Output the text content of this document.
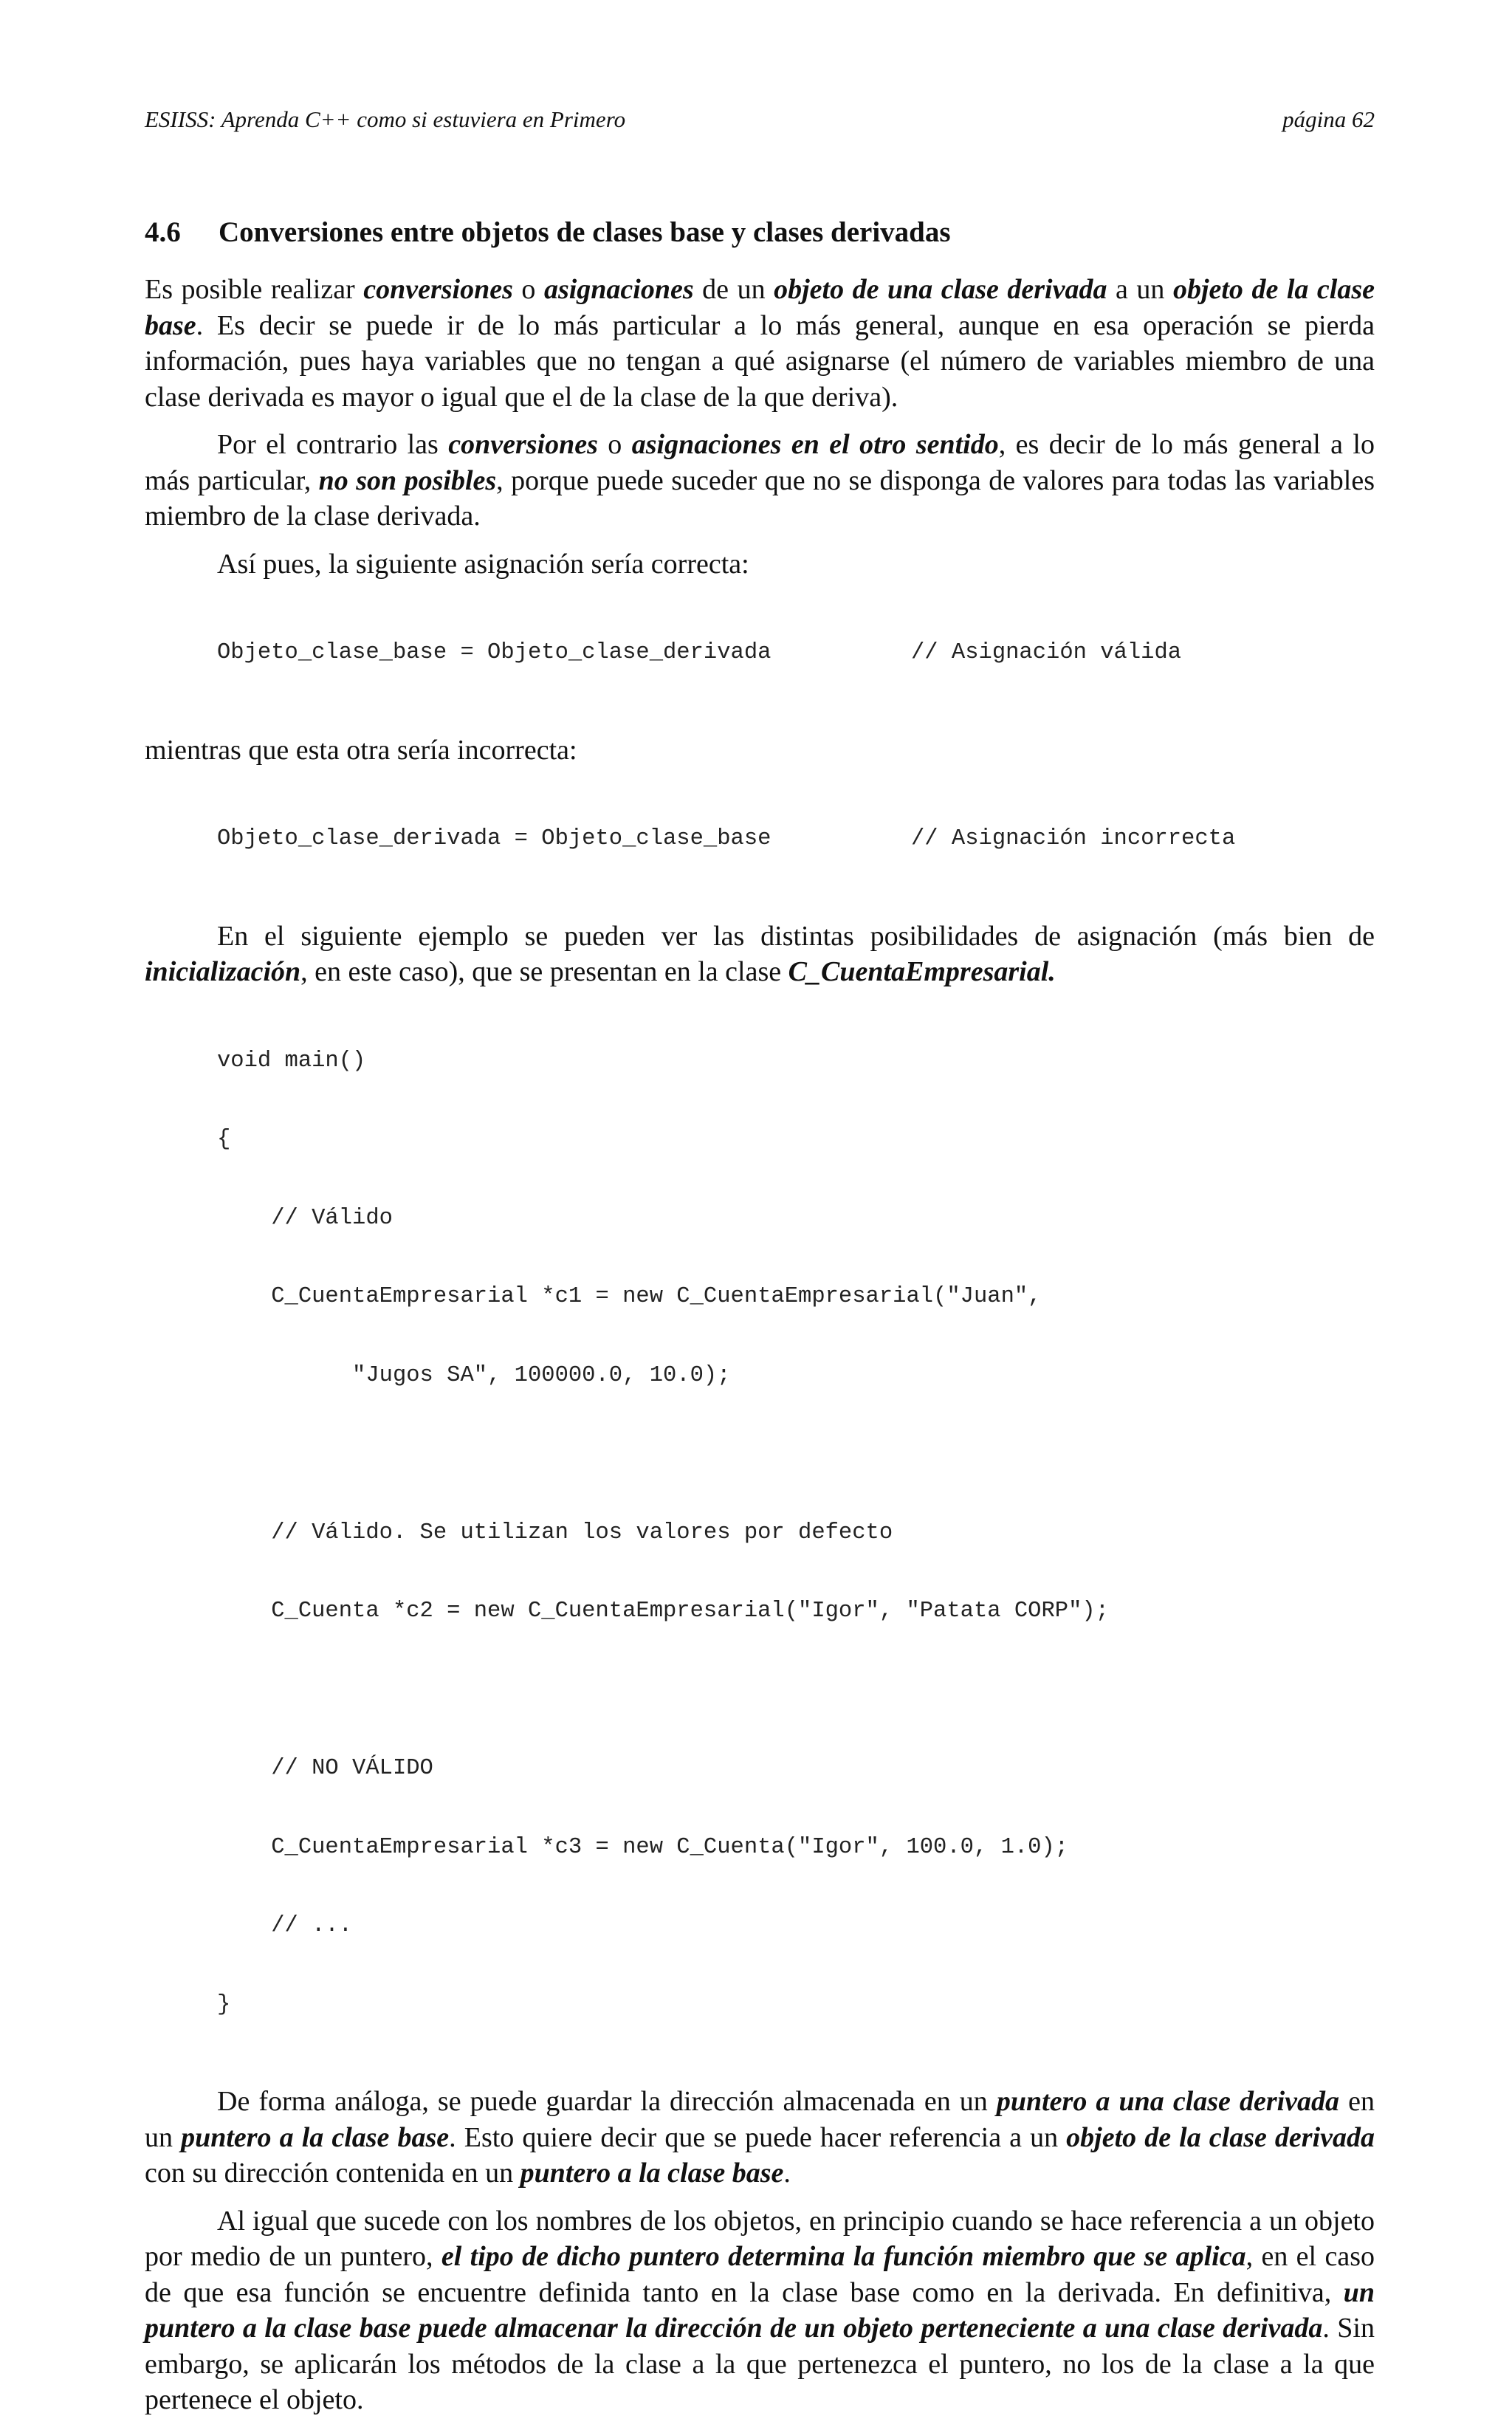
ESIISS: Aprenda C++ como si estuviera en Primero	página 62
4.6	Conversiones entre objetos de clases base y clases derivadas

Es posible realizar conversiones o asignaciones de un objeto de una clase derivada a un objeto de la clase base. Es decir se puede ir de lo más particular a lo más general, aunque en esa operación se pierda información, pues haya variables que no tengan a qué asignarse (el número de variables miembro de una clase derivada es mayor o igual que el de la clase de la que deriva).

Por el contrario las conversiones o asignaciones en el otro sentido, es decir de lo más general a lo más particular, no son posibles, porque puede suceder que no se disponga de valores para todas las variables miembro de la clase derivada.

Así pues, la siguiente asignación sería correcta:

Objeto_clase_base = Objeto_clase_derivada	// Asignación válida

mientras que esta otra sería incorrecta:

Objeto_clase_derivada = Objeto_clase_base	// Asignación incorrecta

En el siguiente ejemplo se pueden ver las distintas posibilidades de asignación (más bien de inicialización, en este caso), que se presentan en la clase C_CuentaEmpresarial.

void main()

{

// Válido

C_CuentaEmpresarial *c1 = new C_CuentaEmpresarial("Juan",

"Jugos SA", 100000.0, 10.0);

// Válido. Se utilizan los valores por defecto

C_Cuenta *c2 = new C_CuentaEmpresarial("Igor", "Patata CORP");

// NO VÁLIDO

C_CuentaEmpresarial *c3 = new C_Cuenta("Igor", 100.0, 1.0);

// ...

}

De forma análoga, se puede guardar la dirección almacenada en un puntero a una clase derivada en un puntero a la clase base. Esto quiere decir que se puede hacer referencia a un objeto de la clase derivada con su dirección contenida en un puntero a la clase base.

Al igual que sucede con los nombres de los objetos, en principio cuando se hace referencia a un objeto por medio de un puntero, el tipo de dicho puntero determina la función miembro que se aplica, en el caso de que esa función se encuentre definida tanto en la clase base como en la derivada. En definitiva, un puntero a la clase base puede almacenar la dirección de un objeto perteneciente a una clase derivada. Sin embargo, se aplicarán los métodos de la clase a la que pertenezca el puntero, no los de la clase a la que pertenece el objeto.
